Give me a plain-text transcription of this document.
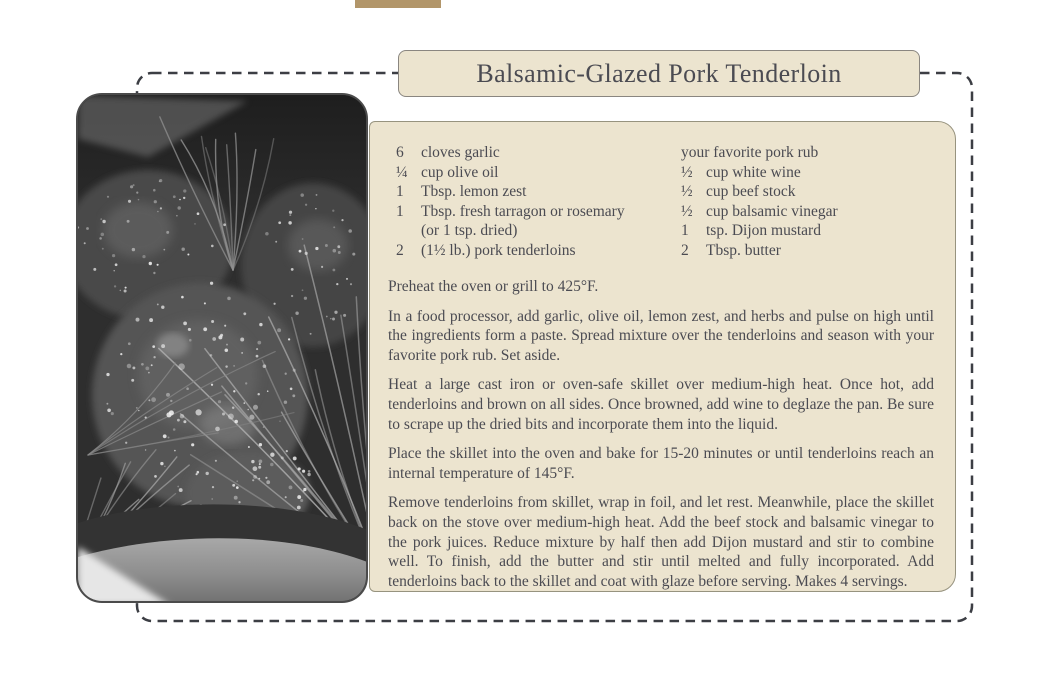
Balsamic-Glazed Pork Tenderloin
6	cloves garlic
¼ cup olive oil
1	Tbsp. lemon zest
1	Tbsp. fresh tarragon or rosemary
(or 1 tsp. dried)
2	(1½ lb.) pork tenderloins
your favorite pork rub
½ cup white wine
½ cup beef stock
½ cup balsamic vinegar
1	tsp. Dijon mustard
2	Tbsp. butter

Preheat the oven or grill to 425°F.

In a food processor, add garlic, olive oil, lemon zest, and herbs and pulse on high until the ingredients form a paste. Spread mixture over the tenderloins and season with your favorite pork rub. Set aside.

Heat a large cast iron or oven-safe skillet over medium-high heat. Once hot, add tenderloins and brown on all sides. Once browned, add wine to deglaze the pan. Be sure to scrape up the dried bits and incorporate them into the liquid.

Place the skillet into the oven and bake for 15-20 minutes or until tenderloins reach an internal temperature of 145°F.

Remove tenderloins from skillet, wrap in foil, and let rest. Meanwhile, place the skillet back on the stove over medium-high heat. Add the beef stock and balsamic vinegar to the pork juices. Reduce mixture by half then add Dijon mustard and stir to combine well. To finish, add the butter and stir until melted and fully incorporated. Add tenderloins back to the skillet and coat with glaze before serving. Makes 4 servings.
